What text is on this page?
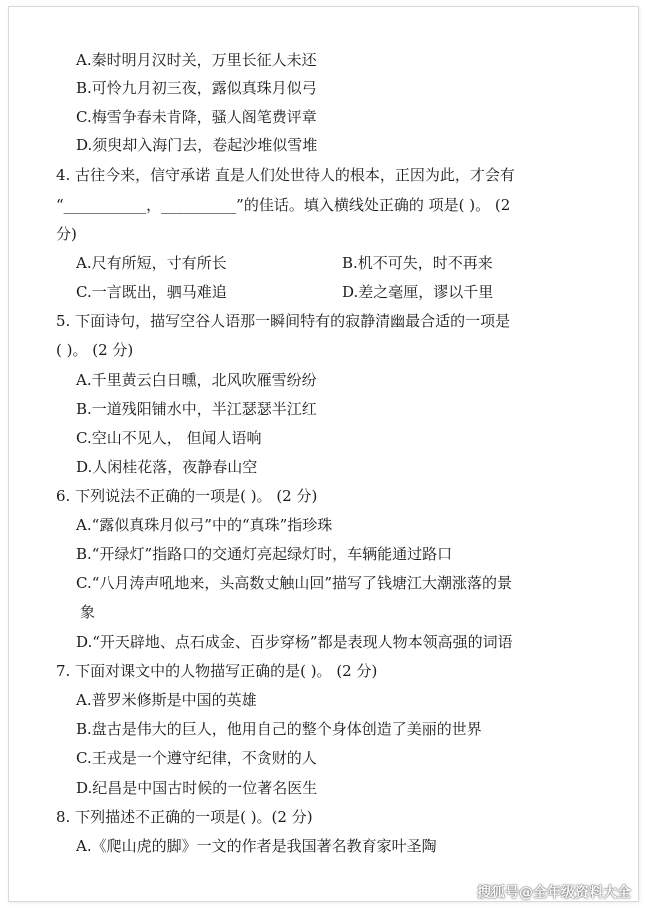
A.秦时明月汉时关，万里长征人未还
B.可怜九月初三夜，露似真珠月似弓
C.梅雪争春未肯降，骚人阁笔费评章
D.须臾却入海门去，卷起沙堆似雪堆
4. 古往今来，信守承诺 直是人们处世待人的根本，正因为此，才会有
“___________，__________”的佳话。填入横线处正确的 项是( )。 (2
分)
A.尺有所短，寸有所长	B.机不可失，时不再来
C.一言既出，驷马难追	D.差之毫厘，谬以千里
5. 下面诗句，描写空谷人语那一瞬间特有的寂静清幽最合适的一项是
( )。 (2 分)
A.千里黄云白日曛，北风吹雁雪纷纷
B.一道残阳铺水中，半江瑟瑟半江红
C.空山不见人， 但闻人语响
D.人闲桂花落，夜静春山空
6. 下列说法不正确的一项是( )。 (2 分)
A.“露似真珠月似弓”中的“真珠”指珍珠
B.“开绿灯”指路口的交通灯亮起绿灯时，车辆能通过路口
C.“八月涛声吼地来，头高数丈触山回”描写了钱塘江大潮涨落的景
象
D.“开天辟地、点石成金、百步穿杨”都是表现人物本领高强的词语
7. 下面对课文中的人物描写正确的是( )。 (2 分)
A.普罗米修斯是中国的英雄
B.盘古是伟大的巨人，他用自己的整个身体创造了美丽的世界
C.王戎是一个遵守纪律，不贪财的人
D.纪昌是中国古时候的一位著名医生
8. 下列描述不正确的一项是( )。(2 分)
A.《爬山虎的脚》一文的作者是我国著名教育家叶圣陶
搜狐号@全年级资料大全
